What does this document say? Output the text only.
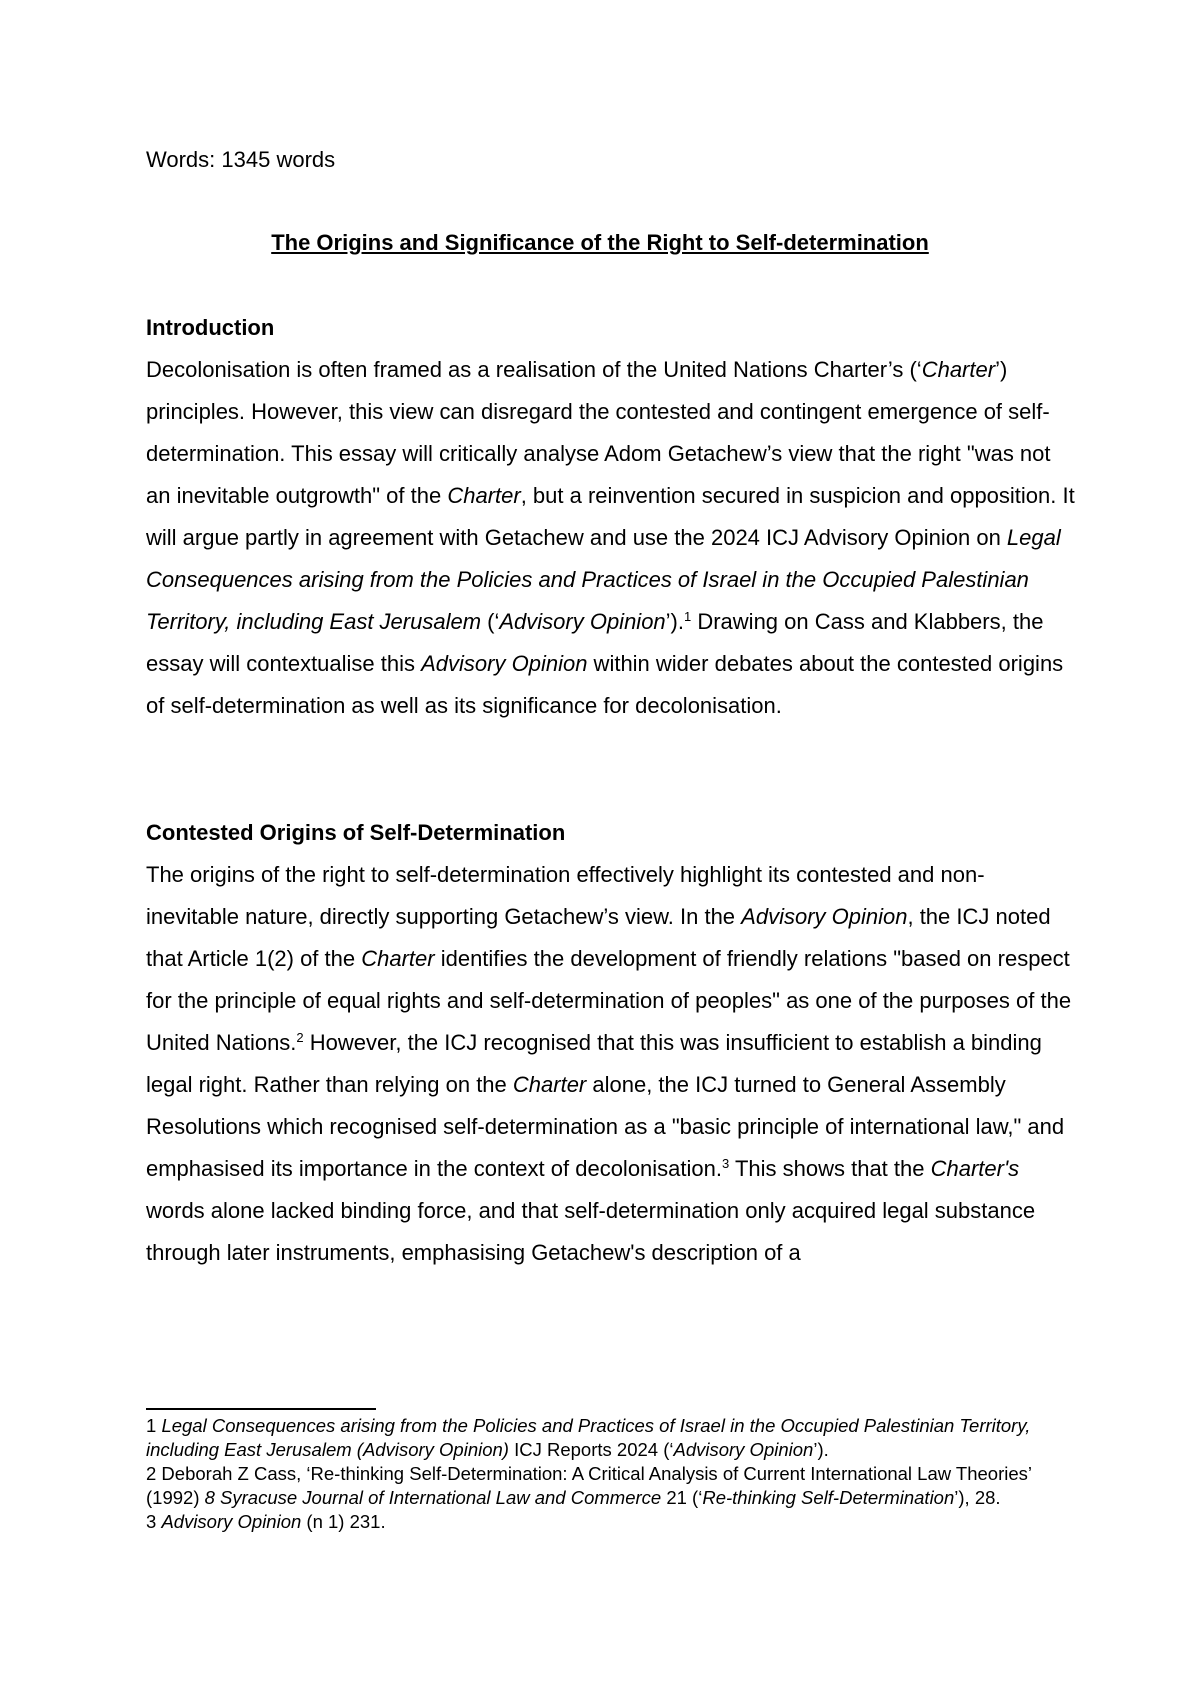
Words: 1345 words
The Origins and Significance of the Right to Self-determination
Introduction
Decolonisation is often framed as a realisation of the United Nations Charter’s (‘Charter’) principles. However, this view can disregard the contested and contingent emergence of self-determination. This essay will critically analyse Adom Getachew’s view that the right "was not an inevitable outgrowth" of the Charter, but a reinvention secured in suspicion and opposition. It will argue partly in agreement with Getachew and use the 2024 ICJ Advisory Opinion on Legal Consequences arising from the Policies and Practices of Israel in the Occupied Palestinian Territory, including East Jerusalem (‘Advisory Opinion’).$^1$ Drawing on Cass and Klabbers, the essay will contextualise this Advisory Opinion within wider debates about the contested origins of self-determination as well as its significance for decolonisation.
Contested Origins of Self-Determination
The origins of the right to self-determination effectively highlight its contested and non-inevitable nature, directly supporting Getachew’s view. In the Advisory Opinion, the ICJ noted that Article 1(2) of the Charter identifies the development of friendly relations "based on respect for the principle of equal rights and self-determination of peoples" as one of the purposes of the United Nations.$^2$ However, the ICJ recognised that this was insufficient to establish a binding legal right. Rather than relying on the Charter alone, the ICJ turned to General Assembly Resolutions which recognised self-determination as a "basic principle of international law," and emphasised its importance in the context of decolonisation.$^3$ This shows that the Charter's words alone lacked binding force, and that self-determination only acquired legal substance through later instruments, emphasising Getachew's description of a

1 Legal Consequences arising from the Policies and Practices of Israel in the Occupied Palestinian Territory, including East Jerusalem (Advisory Opinion) ICJ Reports 2024 (‘Advisory Opinion’).

2 Deborah Z Cass, ‘Re-thinking Self-Determination: A Critical Analysis of Current International Law Theories’ (1992) 8 Syracuse Journal of International Law and Commerce 21 (‘Re-thinking Self-Determination’), 28.

3 Advisory Opinion (n 1) 231.
